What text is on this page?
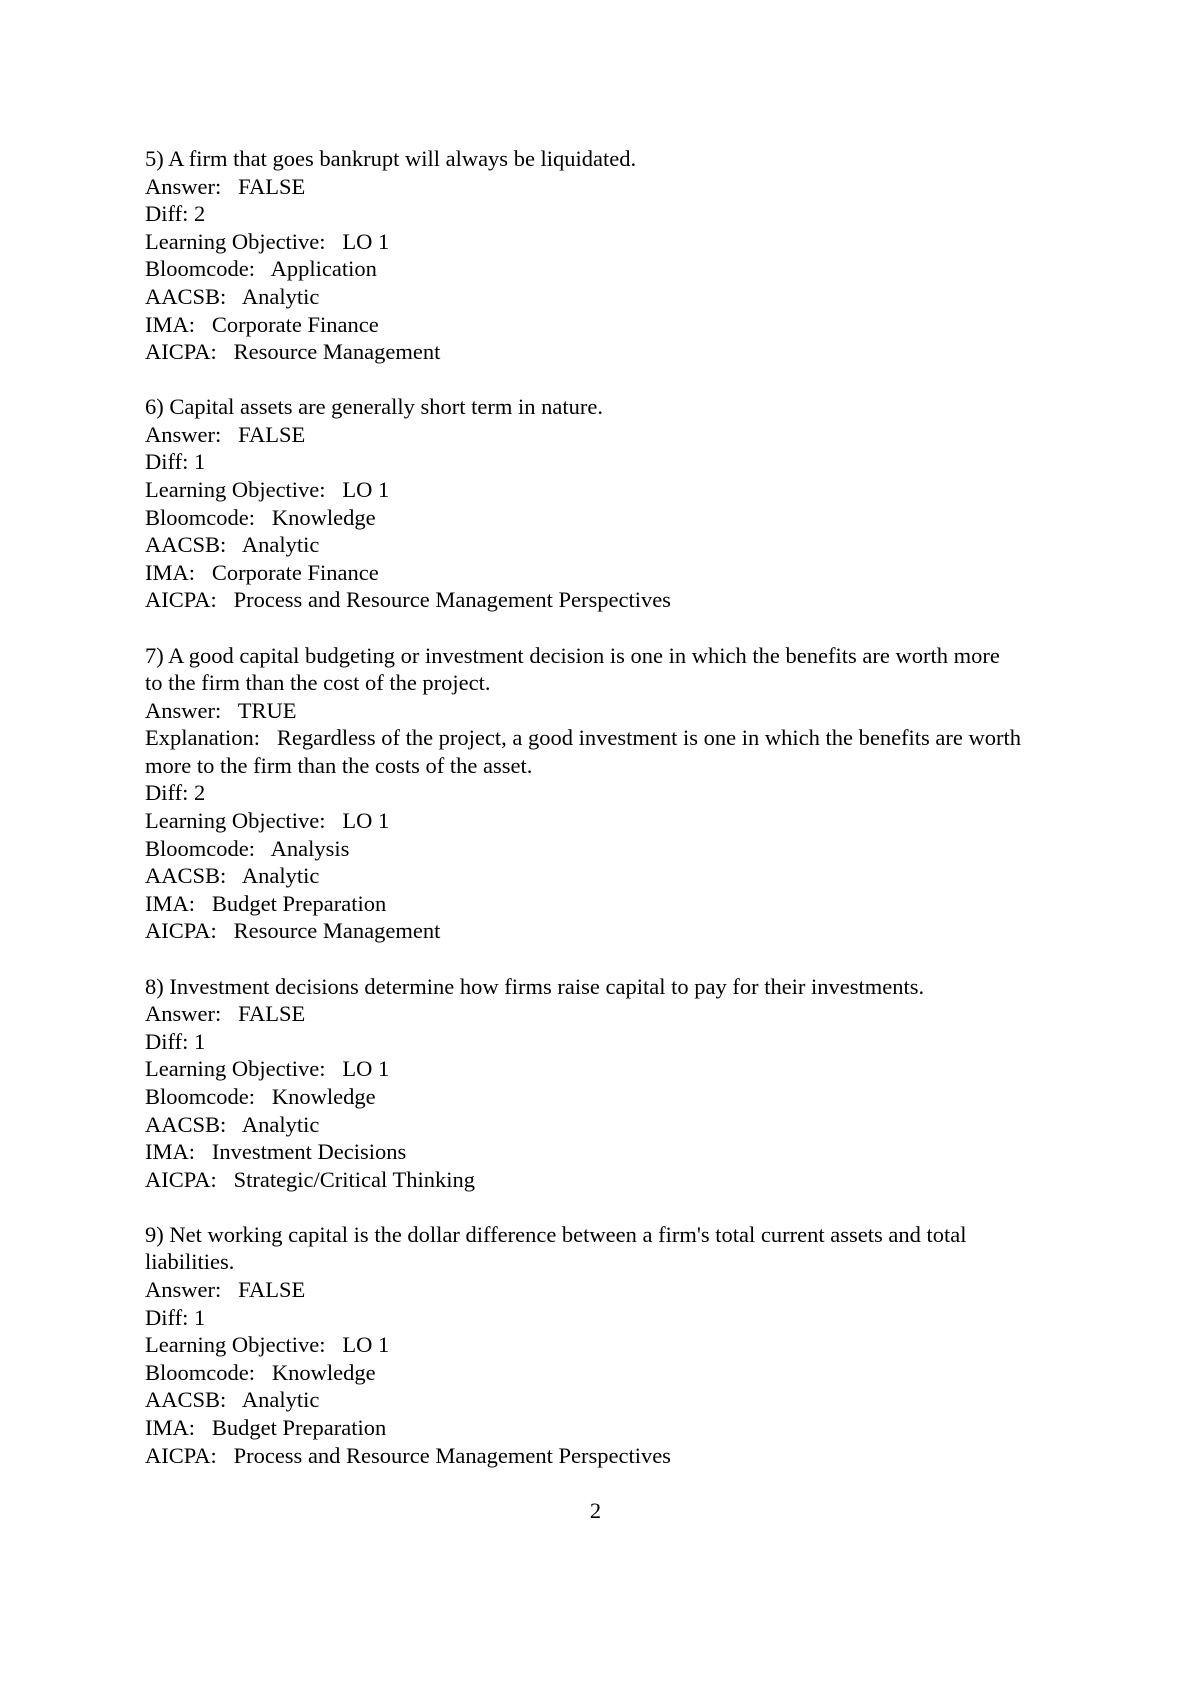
5) A firm that goes bankrupt will always be liquidated.

Answer:   FALSE

Diff: 2

Learning Objective:   LO 1

Bloomcode:   Application

AACSB:   Analytic

IMA:   Corporate Finance

AICPA:   Resource Management

6) Capital assets are generally short term in nature.

Answer:   FALSE

Diff: 1

Learning Objective:   LO 1

Bloomcode:   Knowledge

AACSB:   Analytic

IMA:   Corporate Finance

AICPA:   Process and Resource Management Perspectives

7) A good capital budgeting or investment decision is one in which the benefits are worth more

to the firm than the cost of the project.

Answer:   TRUE

Explanation:   Regardless of the project, a good investment is one in which the benefits are worth

more to the firm than the costs of the asset.

Diff: 2

Learning Objective:   LO 1

Bloomcode:   Analysis

AACSB:   Analytic

IMA:   Budget Preparation

AICPA:   Resource Management

8) Investment decisions determine how firms raise capital to pay for their investments.

Answer:   FALSE

Diff: 1

Learning Objective:   LO 1

Bloomcode:   Knowledge

AACSB:   Analytic

IMA:   Investment Decisions

AICPA:   Strategic/Critical Thinking

9) Net working capital is the dollar difference between a firm's total current assets and total

liabilities.

Answer:   FALSE

Diff: 1

Learning Objective:   LO 1

Bloomcode:   Knowledge

AACSB:   Analytic

IMA:   Budget Preparation

AICPA:   Process and Resource Management Perspectives

2
